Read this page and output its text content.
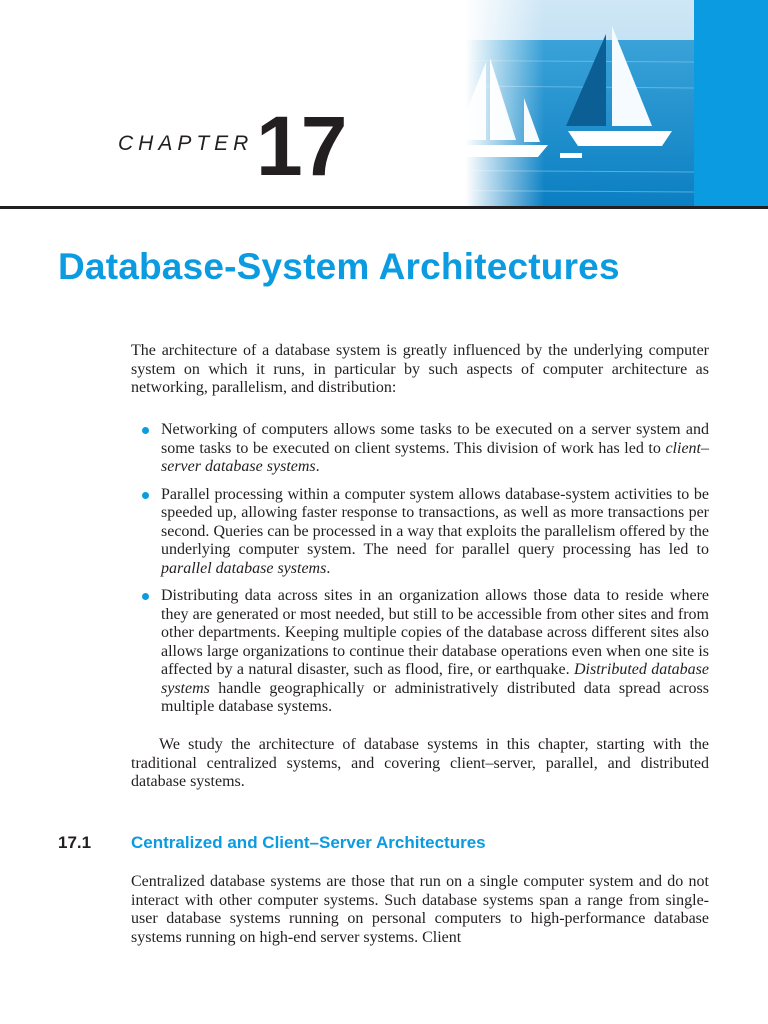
CHAPTER 17
Database-System Architectures

The architecture of a database system is greatly influenced by the underlying computer system on which it runs, in particular by such aspects of computer architecture as networking, parallelism, and distribution:

Networking of computers allows some tasks to be executed on a server system and some tasks to be executed on client systems. This division of work has led to client–server database systems.
Parallel processing within a computer system allows database-system activities to be speeded up, allowing faster response to transactions, as well as more transactions per second. Queries can be processed in a way that exploits the parallelism offered by the underlying computer system. The need for parallel query processing has led to parallel database systems.
Distributing data across sites in an organization allows those data to reside where they are generated or most needed, but still to be accessible from other sites and from other departments. Keeping multiple copies of the database across different sites also allows large organizations to continue their database operations even when one site is affected by a natural disaster, such as flood, fire, or earthquake. Distributed database systems handle geographically or administratively distributed data spread across multiple database systems.

We study the architecture of database systems in this chapter, starting with the traditional centralized systems, and covering client–server, parallel, and distributed database systems.

17.1 Centralized and Client–Server Architectures

Centralized database systems are those that run on a single computer system and do not interact with other computer systems. Such database systems span a range from single-user database systems running on personal computers to high-performance database systems running on high-end server systems. Client
